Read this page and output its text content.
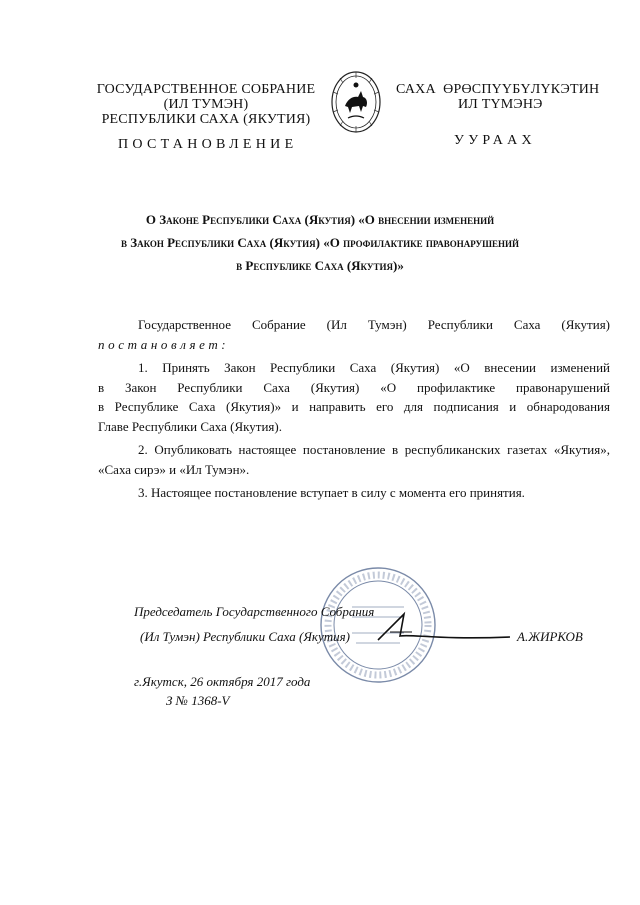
ГОСУДАРСТВЕННОЕ СОБРАНИЕ
(ИЛ ТУМЭН)
РЕСПУБЛИКИ САХА (ЯКУТИЯ)
САХА  ӨРӨСПҮҮБҮЛҮКЭТИН
ИЛ ТҮМЭНЭ
ПОСТАНОВЛЕНИЕ	УУРААХ
О Законе Республики Саха (Якутия) «О внесении изменений
в Закон Республики Саха (Якутия) «О профилактике правонарушений
в Республике Саха (Якутия)»

Государственное Собрание (Ил Тумэн) Республики Саха (Якутия)

постановляет:

1. Принять Закон Республики Саха (Якутия) «О внесении изменений

в Закон Республики Саха (Якутия) «О профилактике правонарушений

в Республике Саха (Якутия)» и направить его для подписания и обнародования

Главе Республики Саха (Якутия).

2. Опубликовать настоящее постановление в республиканских газетах «Якутия»,

«Саха сирэ» и «Ил Тумэн».

3. Настоящее постановление вступает в силу с момента его принятия.

Председатель Государственного Собрания
(Ил Тумэн) Республики Саха (Якутия)	А.ЖИРКОВ
г.Якутск, 26 октября 2017 года
З № 1368-V
